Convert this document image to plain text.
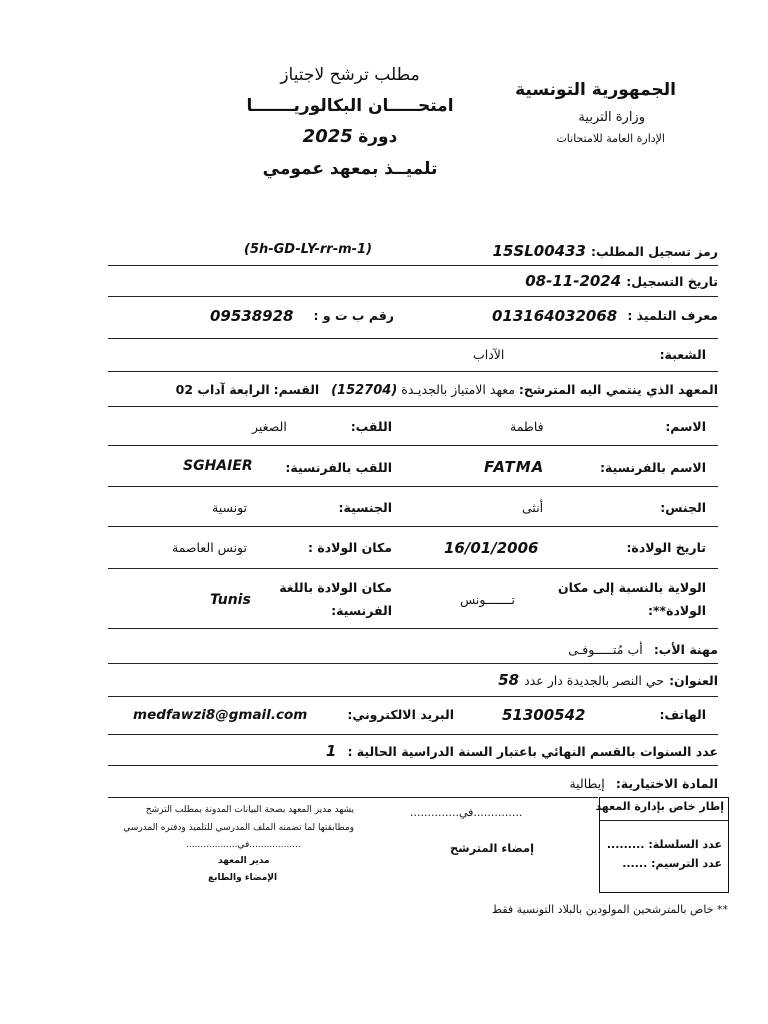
الجمهورية التونسية
وزارة التربية
الإدارة العامة للامتحانات
مطلب ترشح لاجتياز
امتحـــــان البكالوريـــــــا
دورة 2025
تلميــذ بمعهد عمومي
رمز تسجيل المطلب: 15SL00433
(5h-GD-LY-rr-m-1)
تاريخ التسجيل: 2024-11-08
معرف التلميذ :
013164032068
رقم ب ت و :
09538928
الشعبة:
الآداب
المعهد الذي ينتمي اليه المترشح: معهد الامتياز بالجديـدة (152704)   القسم: الرابعة آداب 02
الاسم:
فاطمة
اللقب:
الصغير
الاسم بالفرنسية:
FATMA
اللقب بالفرنسية:
SGHAIER
الجنس:
أنثى
الجنسية:
تونسية
تاريخ الولادة:
16/01/2006
مكان الولادة :
تونس العاصمة
الولاية بالنسبة إلى مكان
الولادة**:
تـــــــونس
مكان الولادة باللغة
الفرنسية:
Tunis
مهنة الأب: أب مُتـــــوفـى
العنوان: حي النصر بالجديدة دار عدد 58
الهاتف:
51300542
البريد الالكتروني:
medfawzi8@gmail.com
عدد السنوات بالقسم النهائي باعتبار السنة الدراسية الحالية : 1
المادة الاختيارية: إيطالية
إطار خاص بإدارة المعهد
عدد السلسلة: .........
عدد الترسيم: ......
..............في..............
إمضاء المترشح
يشهد مدير المعهد بصحة البيانات المدونة بمطلب الترشح
ومطابقتها لما تضمنه الملف المدرسي للتلميذ ودفتره المدرسي
..................في..................
مدير المعهد
الإمضاء والطابع
** خاص بالمترشحين المولودين بالبلاد التونسية فقط
